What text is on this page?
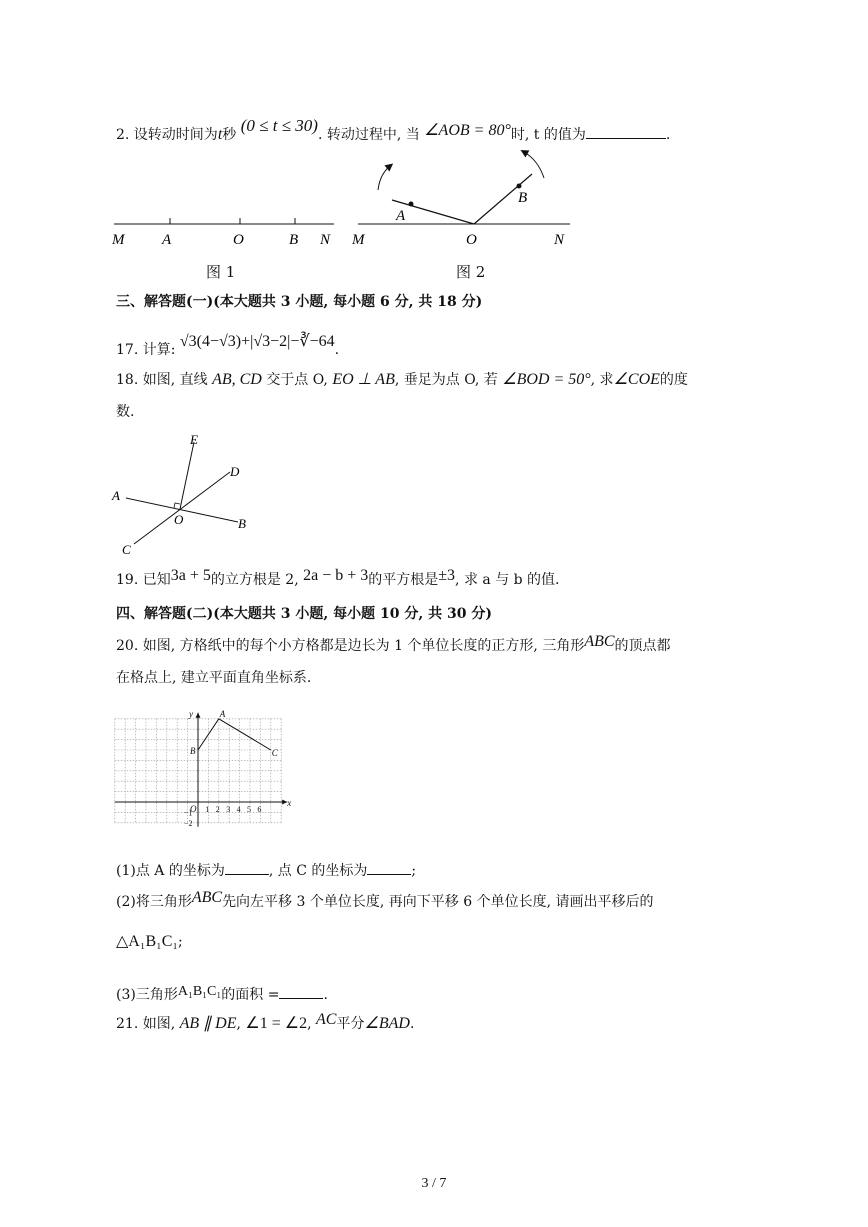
2. 设转动时间为t秒 (0 ≤ t ≤ 30). 转动过程中, 当 ∠AOB = 80°时, t 的值为	.
M	A	O	B N
图 1
M	O	N
A
B
图 2
三、解答题(一)(本大题共 3 小题, 每小题 6 分, 共 18 分)
17. 计算: √3(4−√3)+|√3−2|−∛−64.
18. 如图, 直线 AB, CD 交于点 O, EO ⊥ AB, 垂足为点 O, 若 ∠BOD = 50°, 求∠COE的度
数.
E
D
A
O	B
C
19. 已知3a + 5的立方根是 2, 2a − b + 3的平方根是±3, 求 a 与 b 的值.
四、解答题(二)(本大题共 3 小题, 每小题 10 分, 共 30 分)
20. 如图, 方格纸中的每个小方格都是边长为 1 个单位长度的正方形, 三角形ABC的顶点都
在格点上, 建立平面直角坐标系.
x
y
O 1 2 3 4 5 6
−1
−2
A
B	C
(1)点 A 的坐标为	, 点 C 的坐标为	;
(2)将三角形ABC先向左平移 3 个单位长度, 再向下平移 6 个单位长度, 请画出平移后的
△A₁B₁C₁;
(3)三角形A₁B₁C₁的面积 =	.
21. 如图, AB ∥ DE, ∠1 = ∠2, AC平分∠BAD.
3 / 7
